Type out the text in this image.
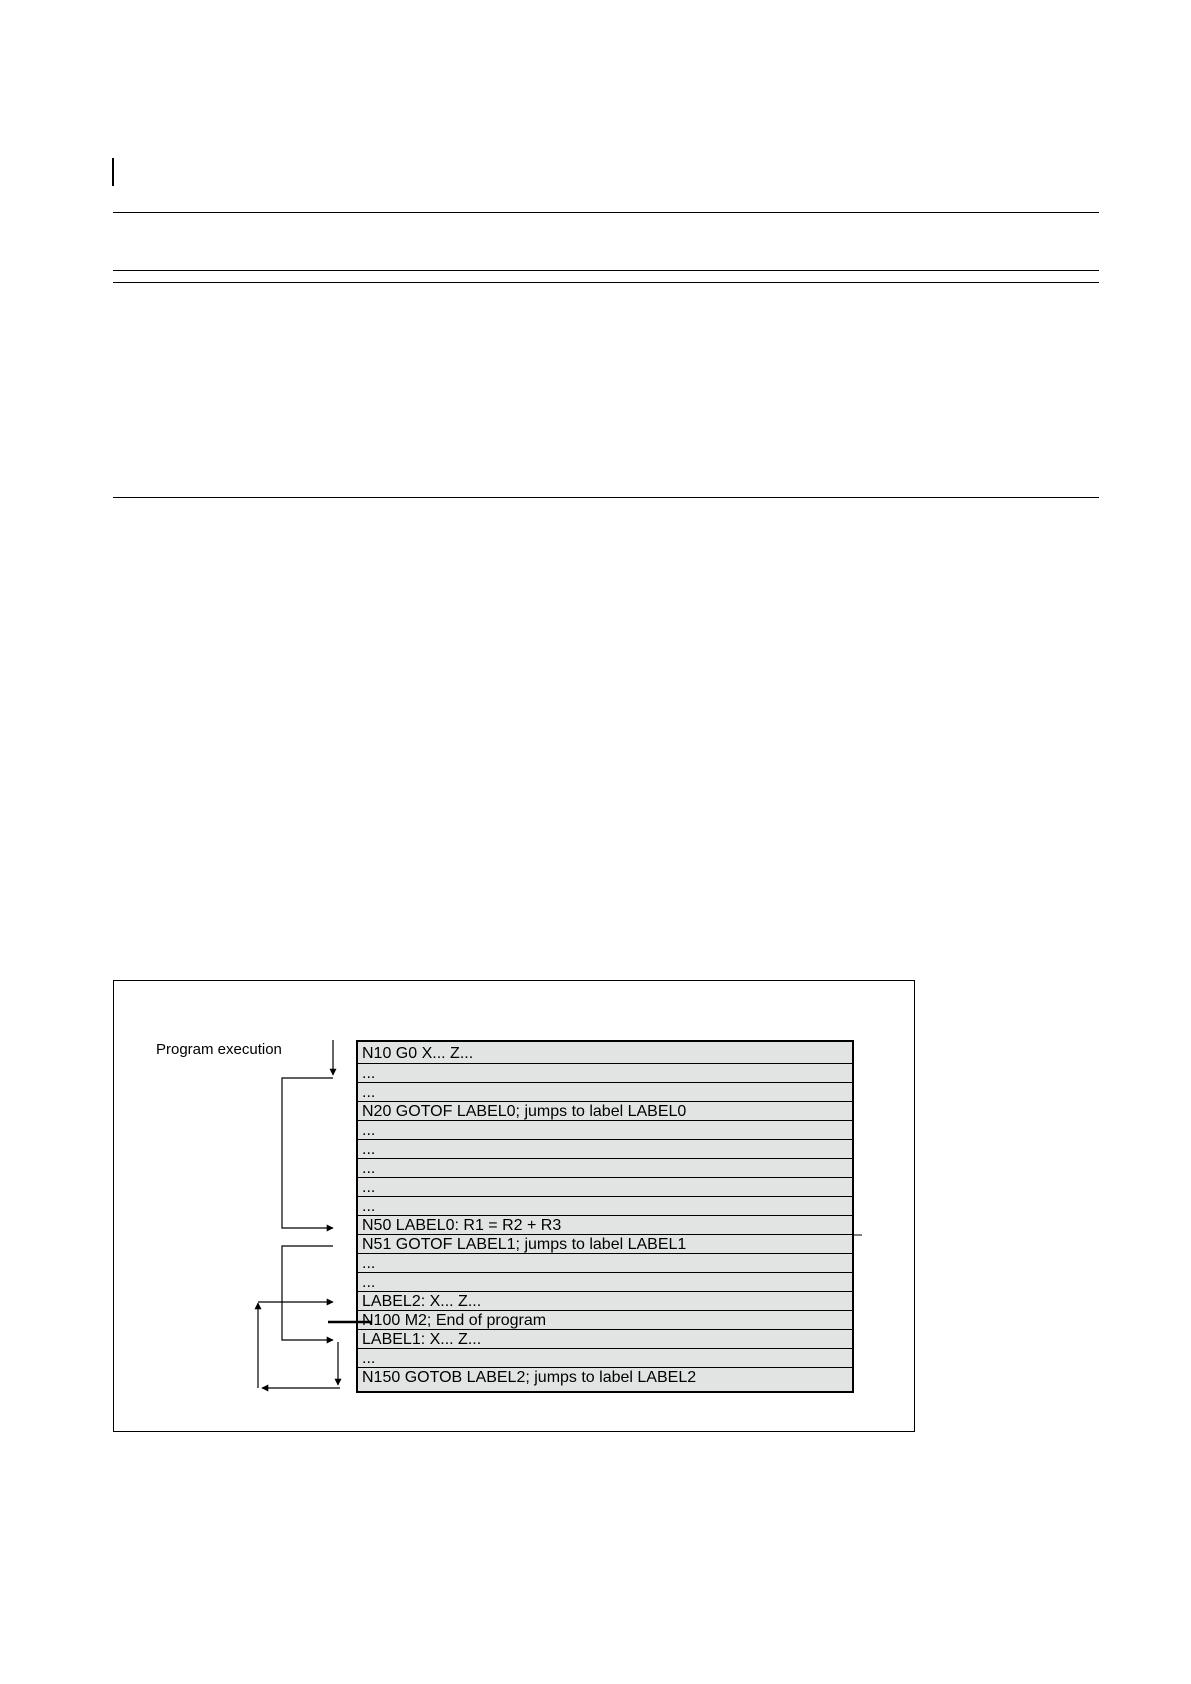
Program execution	N10 G0 X... Z...
...
...
N20 GOTOF LABEL0; jumps to label LABEL0
...
...
...
...
...
N50 LABEL0: R1 = R2 + R3
N51 GOTOF LABEL1; jumps to label LABEL1
...
...
LABEL2: X... Z...
N100 M2; End of program
LABEL1: X... Z...
...
N150 GOTOB LABEL2; jumps to label LABEL2
